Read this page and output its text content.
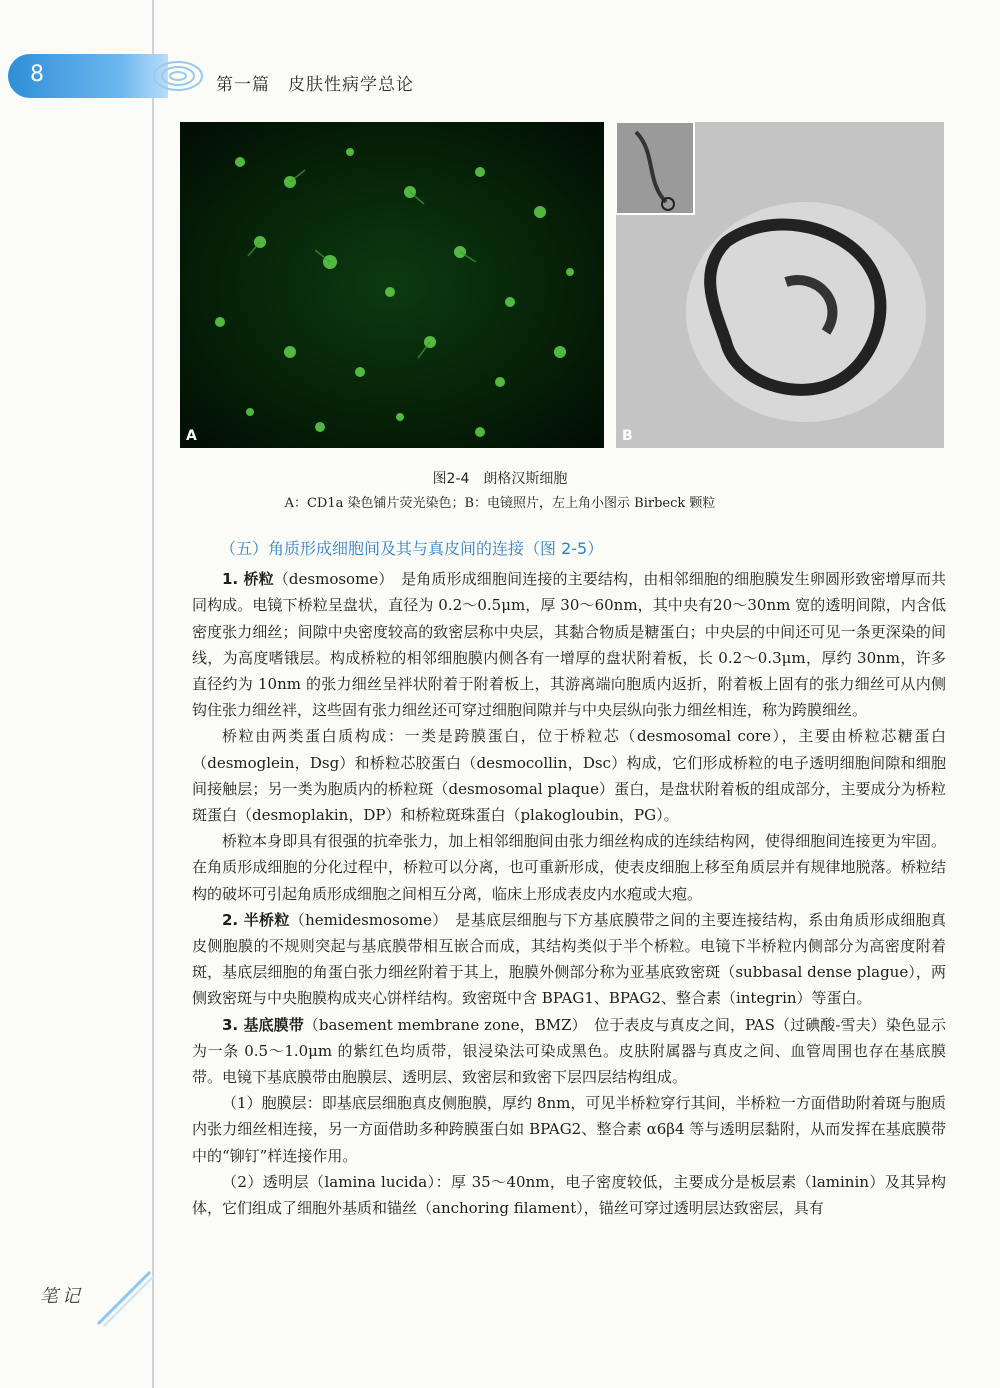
8	第一篇　皮肤性病学总论
A	B
图2-4　朗格汉斯细胞
A：CD1a 染色铺片荧光染色；B：电镜照片，左上角小图示 Birbeck 颗粒
（五）角质形成细胞间及其与真皮间的连接（图 2-5）

1. 桥粒（desmosome）　是角质形成细胞间连接的主要结构，由相邻细胞的细胞膜发生卵圆形致密增厚而共同构成。电镜下桥粒呈盘状，直径为 0.2～0.5μm，厚 30～60nm，其中央有20～30nm 宽的透明间隙，内含低密度张力细丝；间隙中央密度较高的致密层称中央层，其黏合物质是糖蛋白；中央层的中间还可见一条更深染的间线，为高度嗜锇层。构成桥粒的相邻细胞膜内侧各有一增厚的盘状附着板，长 0.2～0.3μm，厚约 30nm，许多直径约为 10nm 的张力细丝呈袢状附着于附着板上，其游离端向胞质内返折，附着板上固有的张力细丝可从内侧钩住张力细丝袢，这些固有张力细丝还可穿过细胞间隙并与中央层纵向张力细丝相连，称为跨膜细丝。

桥粒由两类蛋白质构成：一类是跨膜蛋白，位于桥粒芯（desmosomal core），主要由桥粒芯糖蛋白（desmoglein，Dsg）和桥粒芯胶蛋白（desmocollin，Dsc）构成，它们形成桥粒的电子透明细胞间隙和细胞间接触层；另一类为胞质内的桥粒斑（desmosomal plaque）蛋白，是盘状附着板的组成部分，主要成分为桥粒斑蛋白（desmoplakin，DP）和桥粒斑珠蛋白（plakogloubin，PG）。

桥粒本身即具有很强的抗牵张力，加上相邻细胞间由张力细丝构成的连续结构网，使得细胞间连接更为牢固。在角质形成细胞的分化过程中，桥粒可以分离，也可重新形成，使表皮细胞上移至角质层并有规律地脱落。桥粒结构的破坏可引起角质形成细胞之间相互分离，临床上形成表皮内水疱或大疱。

2. 半桥粒（hemidesmosome）　是基底层细胞与下方基底膜带之间的主要连接结构，系由角质形成细胞真皮侧胞膜的不规则突起与基底膜带相互嵌合而成，其结构类似于半个桥粒。电镜下半桥粒内侧部分为高密度附着斑，基底层细胞的角蛋白张力细丝附着于其上，胞膜外侧部分称为亚基底致密斑（subbasal dense plague），两侧致密斑与中央胞膜构成夹心饼样结构。致密斑中含 BPAG1、BPAG2、整合素（integrin）等蛋白。

3. 基底膜带（basement membrane zone，BMZ）　位于表皮与真皮之间，PAS（过碘酸-雪夫）染色显示为一条 0.5～1.0μm 的紫红色均质带，银浸染法可染成黑色。皮肤附属器与真皮之间、血管周围也存在基底膜带。电镜下基底膜带由胞膜层、透明层、致密层和致密下层四层结构组成。

（1）胞膜层：即基底层细胞真皮侧胞膜，厚约 8nm，可见半桥粒穿行其间，半桥粒一方面借助附着斑与胞质内张力细丝相连接，另一方面借助多种跨膜蛋白如 BPAG2、整合素 α6β4 等与透明层黏附，从而发挥在基底膜带中的“铆钉”样连接作用。

（2）透明层（lamina lucida）：厚 35～40nm，电子密度较低，主要成分是板层素（laminin）及其异构体，它们组成了细胞外基质和锚丝（anchoring filament），锚丝可穿过透明层达致密层，具有

笔记
